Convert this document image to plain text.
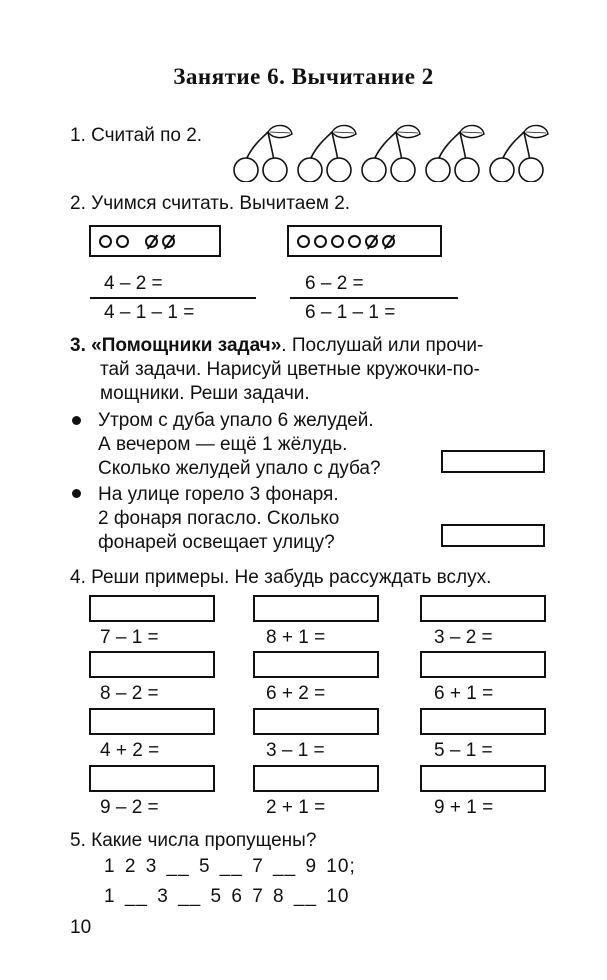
Занятие 6. Вычитание 2
1. Считай по 2.
2. Учимся считать. Вычитаем 2.
4 – 2 =
4 – 1 – 1 =
6 – 2 =
6 – 1 – 1 =
3. «Помощники задач». Послушай или прочи-
тай задачи. Нарисуй цветные кружочки-по-
мощники. Реши задачи.
Утром с дуба упало 6 желудей.
А вечером — ещё 1 жёлудь.
Сколько желудей упало с дуба?
На улице горело 3 фонаря.
2 фонаря погасло. Сколько
фонарей освещает улицу?
4. Реши примеры. Не забудь рассуждать вслух.
7 – 1 =	8 + 1 =	3 – 2 =
8 – 2 =	6 + 2 =	6 + 1 =
4 + 2 =	3 – 1 =	5 – 1 =
9 – 2 =	2 + 1 =	9 + 1 =
5. Какие числа пропущены?
1 2 3 __ 5 __ 7 __ 9 10;
1 __ 3 __ 5 6 7 8 __ 10
10
